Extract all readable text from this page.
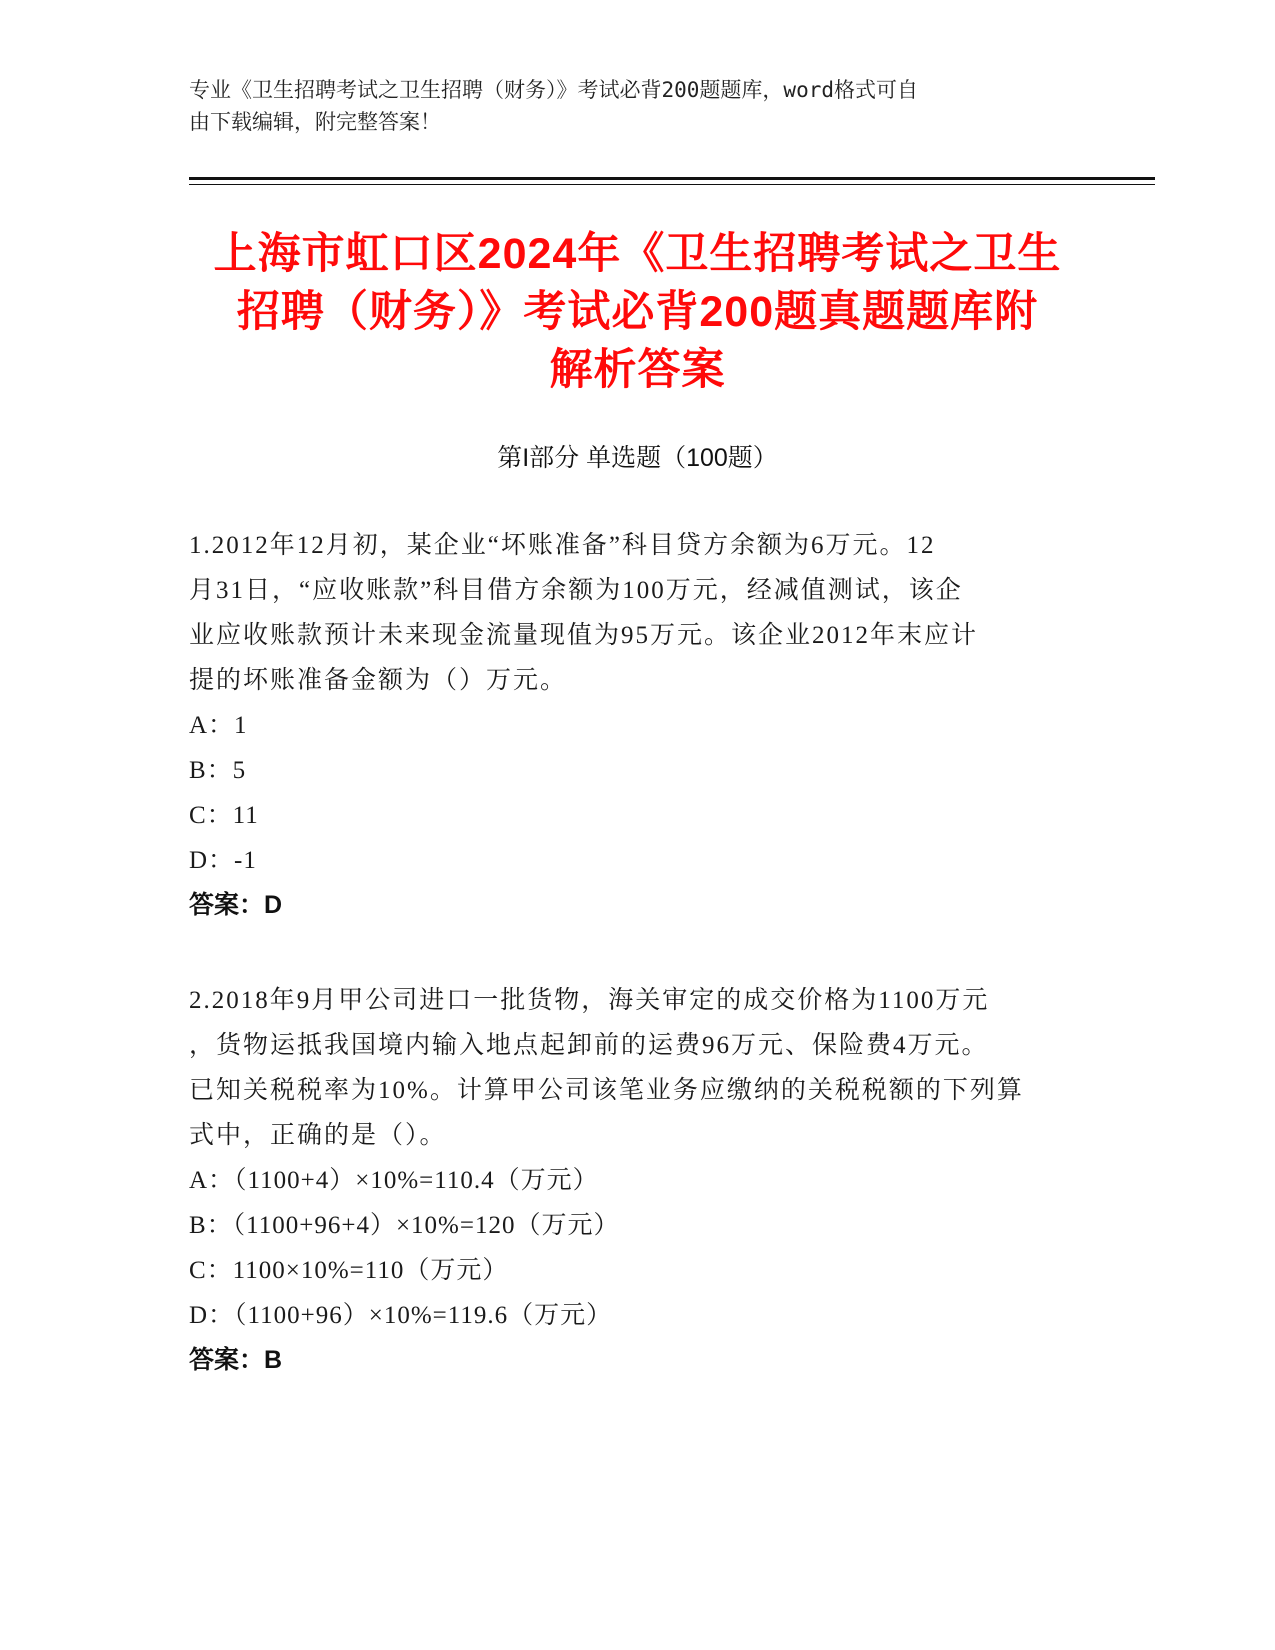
专业《卫生招聘考试之卫生招聘（财务）》考试必背200题题库，word格式可自
由下载编辑，附完整答案！
上海市虹口区2024年《卫生招聘考试之卫生
招聘（财务）》考试必背200题真题题库附
解析答案
第I部分 单选题（100题）
1.2012年12月初，某企业“坏账准备”科目贷方余额为6万元。12
月31日，“应收账款”科目借方余额为100万元，经减值测试，该企
业应收账款预计未来现金流量现值为95万元。该企业2012年末应计
提的坏账准备金额为（）万元。
A：1
B：5
C：11
D：-1
答案：D
2.2018年9月甲公司进口一批货物，海关审定的成交价格为1100万元
，货物运抵我国境内输入地点起卸前的运费96万元、保险费4万元。
已知关税税率为10%。计算甲公司该笔业务应缴纳的关税税额的下列算
式中，正确的是（）。
A：（1100+4）×10%=110.4（万元）
B：（1100+96+4）×10%=120（万元）
C：1100×10%=110（万元）
D：（1100+96）×10%=119.6（万元）
答案：B
